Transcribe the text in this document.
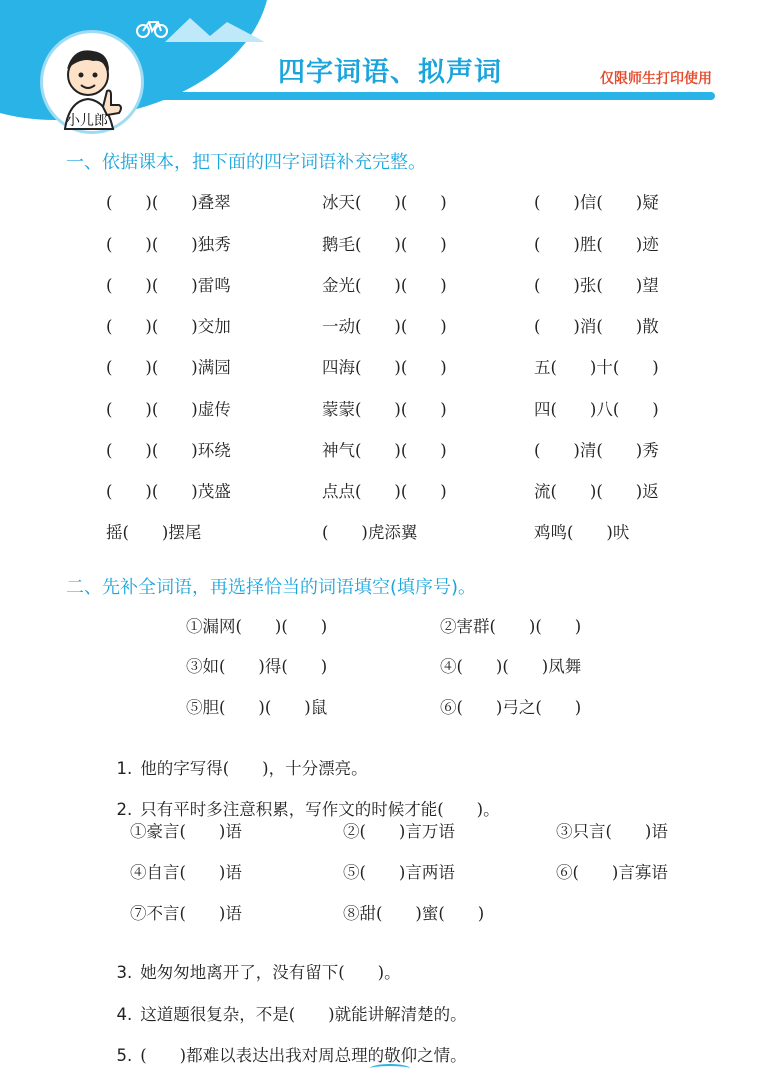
小儿郎
四字词语、拟声词	仅限师生打印使用
一、依据课本，把下面的四字词语补充完整。
(　　)(　　)叠翠	冰天(　　)(　　)	(　　)信(　　)疑
(　　)(　　)独秀	鹅毛(　　)(　　)	(　　)胜(　　)迹
(　　)(　　)雷鸣	金光(　　)(　　)	(　　)张(　　)望
(　　)(　　)交加	一动(　　)(　　)	(　　)消(　　)散
(　　)(　　)满园	四海(　　)(　　)	五(　　)十(　　)
(　　)(　　)虚传	蒙蒙(　　)(　　)	四(　　)八(　　)
(　　)(　　)环绕	神气(　　)(　　)	(　　)清(　　)秀
(　　)(　　)茂盛	点点(　　)(　　)	流(　　)(　　)返
摇(　　)摆尾	(　　)虎添翼	鸡鸣(　　)吠
二、先补全词语，再选择恰当的词语填空(填序号)。
①漏网(　　)(　　)	②害群(　　)(　　)
③如(　　)得(　　)	④(　　)(　　)凤舞
⑤胆(　　)(　　)鼠	⑥(　　)弓之(　　)

1. 他的字写得(　　)，十分漂亮。

2. 只有平时多注意积累，写作文的时候才能(　　)。

①豪言(　　)语	②(　　)言万语	③只言(　　)语
④自言(　　)语	⑤(　　)言两语	⑥(　　)言寡语
⑦不言(　　)语	⑧甜(　　)蜜(　　)

3. 她匆匆地离开了，没有留下(　　)。

4. 这道题很复杂，不是(　　)就能讲解清楚的。

5. (　　)都难以表达出我对周总理的敬仰之情。
